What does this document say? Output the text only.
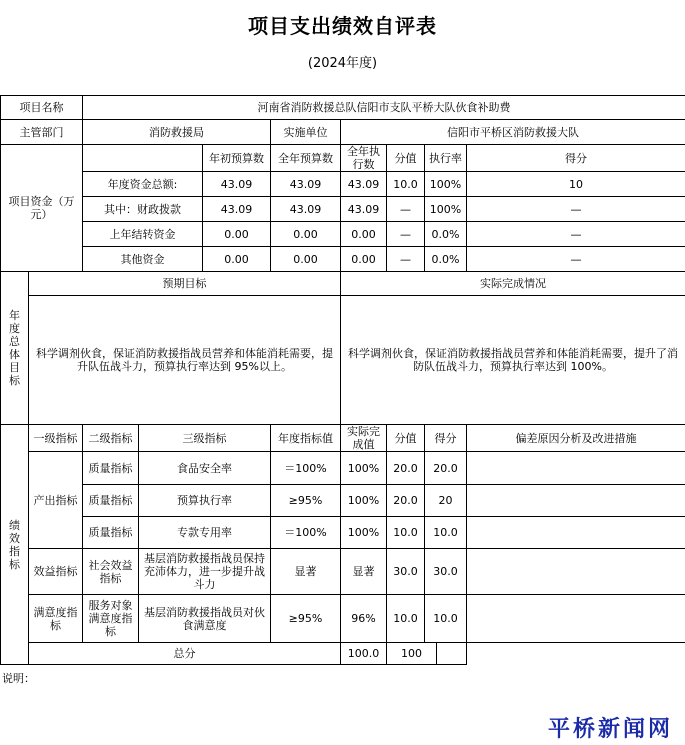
项目支出绩效自评表
(2024年度)
项目名称		河南省消防救援总队信阳市支队平桥大队伙食补助费								
主管部门		消防救援局			实施单位	信阳市平桥区消防救援大队				
项目资金（万元）				年初预算数	全年预算数	全年执行数	分值	执行率		得分
		年度资金总额:		43.09	43.09	43.09	10.0	100%		10
		其中：财政拨款		43.09	43.09	43.09	—	100%		—
		上年结转资金		0.00	0.00	0.00	—	0.0%		—
		其他资金		0.00	0.00	0.00	—	0.0%		—
年度总体目标	预期目标					实际完成情况				
	科学调剂伙食，保证消防救援指战员营养和体能消耗需要，提升队伍战斗力，预算执行率达到 95%以上。					科学调剂伙食，保证消防救援指战员营养和体能消耗需要，提升了消防队伍战斗力，预算执行率达到 100%。				
绩效指标	一级指标	二级指标	三级指标		年度指标值	实际完成值	分值	得分		偏差原因分析及改进措施
	产出指标	质量指标	食品安全率		＝100%	100%	20.0	20.0		
		质量指标	预算执行率		≥95%	100%	20.0	20		
		质量指标	专款专用率		＝100%	100%	10.0	10.0		
	效益指标	社会效益指标	基层消防救援指战员保持充沛体力，进一步提升战斗力		显著	显著	30.0	30.0		
	满意度指标	服务对象满意度指标	基层消防救援指战员对伙食满意度		≥95%	96%	10.0	10.0		
	总分					100.0	100			
说明：
平桥新闻网
